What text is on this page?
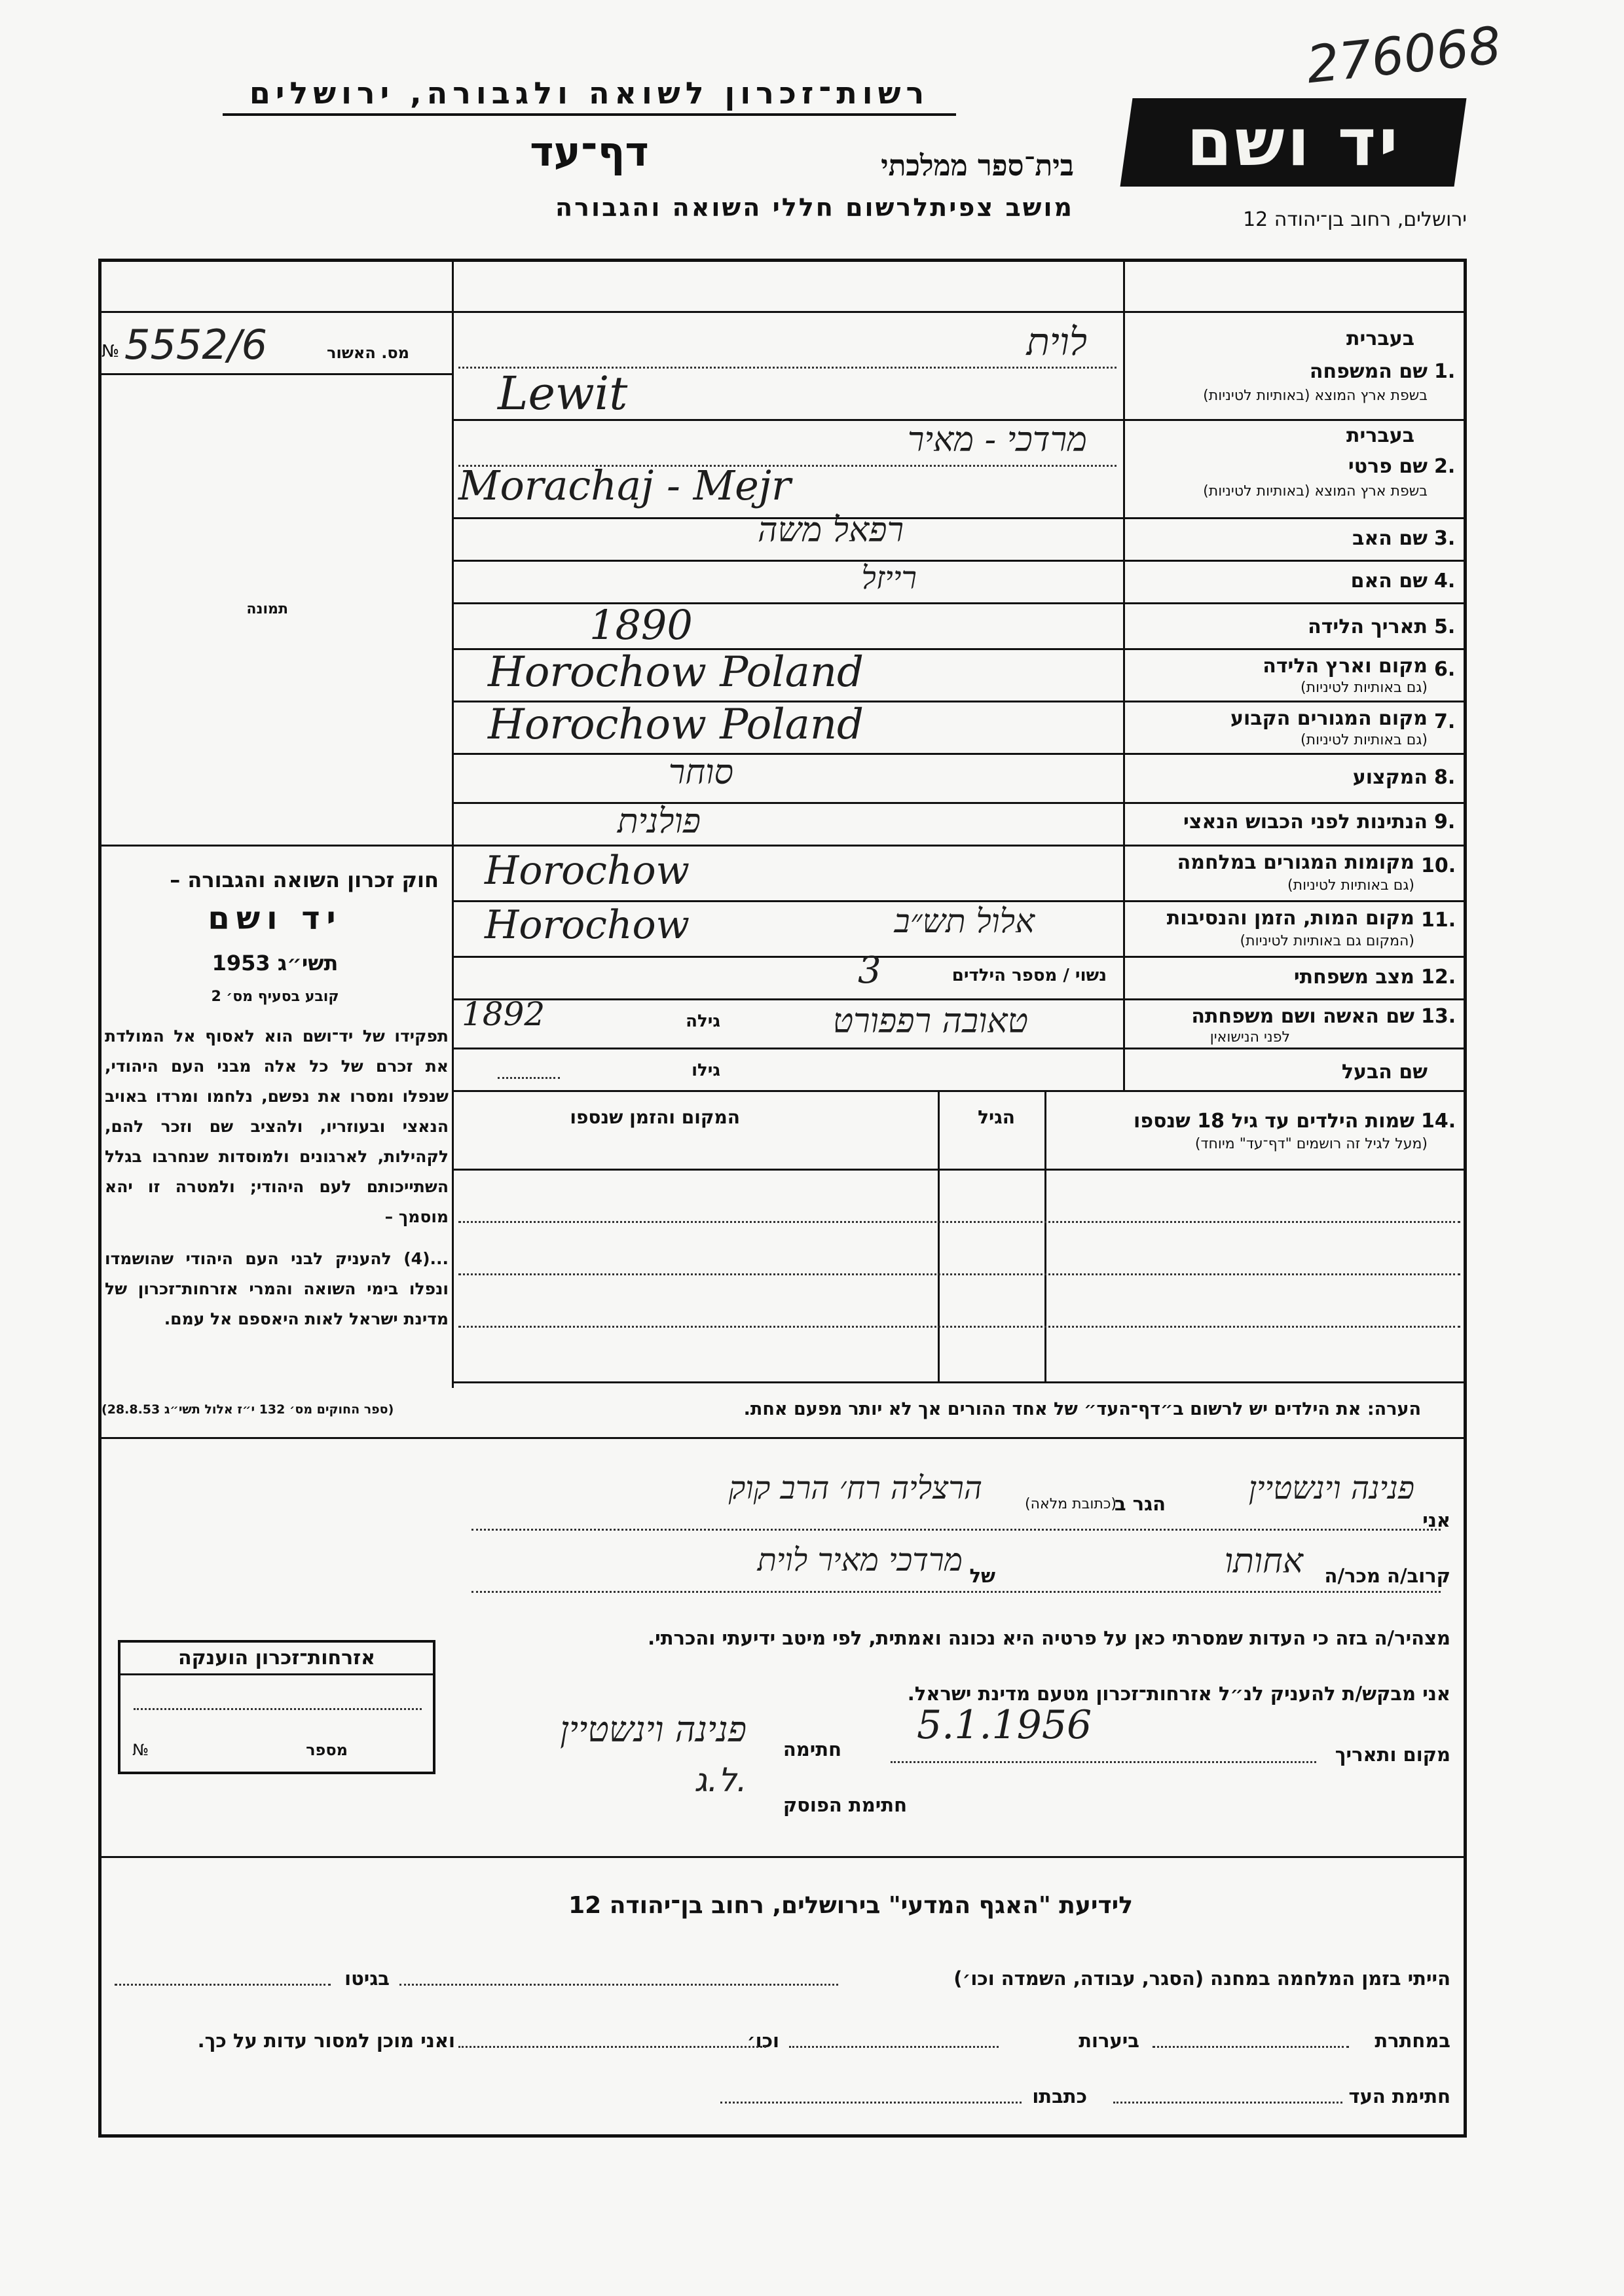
276068
יד ושם
ירושלים, רחוב בן־יהודה 12
רשות־זכרון לשואה ולגבורה, ירושלים
דף־עד	בית־ספר ממלכתי
מושב צפיתלרשום חללי השואה והגבורה
מס. האשור
№ 5552/6
תמונה
חוק זכרון השואה והגבורה –
יד ושם
תשי״ג 1953
קובע בסעיף מס׳ 2
תפקידו של יד־ושם הוא לאסוף אל המולדת את זכרם של כל אלה מבני העם היהודי, שנפלו ומסרו את נפשם, נלחמו ומרדו באויב הנאצי ובעוזריו, ולהציב שם וזכר להם, לקהילות, לארגונים ולמוסדות שנחרבו בגלל השתייכותם לעם היהודי; ולמטרה זו יהא מוסמך –
...(4) להעניק לבני העם היהודי שהושמדו ונפלו בימי השואה והמרי אזרחות־זכרון של מדינת ישראל לאות היאספם אל עמם.
(ספר החוקים מס׳ 132 י״ז אלול תשי״ג 28.8.53)
בעברית
1.
שם המשפחה
בשפת ארץ המוצא (באותיות לטיניות)
לוית
Lewit
בעברית
2.
שם פרטי
בשפת ארץ המוצא (באותיות לטיניות)
מרדכי - מאיר
Morachaj - Mejr
3.
שם האב
רפאל משה
4.
שם האם
רייזל
5.
תאריך הלידה
1890
6.
מקום וארץ הלידה
(גם באותיות לטיניות)
Horochow Poland
7.
מקום המגורים הקבוע
(גם באותיות לטיניות)
Horochow Poland
8.
המקצוע
סוחר
9.
הנתינות לפני הכבוש הנאצי
פולנית
10.
מקומות המגורים במלחמה
(גם באותיות לטיניות)
Horochow
11.
מקום המות, הזמן והנסיבות
(המקום גם באותיות לטיניות)
Horochow	אלול תש״ב
12.
מצב משפחתי
נשוי / מספר הילדים
3
13.
שם האשה ושם משפחתה
לפני הנישואין
1892	גילה	טאובה רפפורט
שם הבעל
גילו
14.
שמות הילדים עד גיל 18 שנספו
(מעל לגיל זה רושמים "דף־עד" מיוחד)
הגיל
המקום והזמן שנספו
הערה: את הילדים יש לרשום ב״דף־העד״ של אחד ההורים אך לא יותר מפעם אחת.
אני
פנינה וינשטיין
הגר ב
(כתובת מלאה)
הרצליה רח׳ הרב קוק
קרוב/ה מכר/ה
אחותו
של
מרדכי מאיר לוית
מצהיר/ה בזה כי העדות שמסרתי כאן על פרטיה היא נכונה ואמתית, לפי מיטב ידיעתי והכרתי.
אני מבקש/ת להעניק לנ״ל אזרחות־זכרון מטעם מדינת ישראל.
מקום ותאריך
5.1.1956
חתימה
פנינה וינשטיין
ל.ג.
חתימת הפוסק
אזרחות־זכרון הוענקה
№	מספר
לידיעת "האגף המדעי" בירושלים, רחוב בן־יהודה 12
הייתי בזמן המלחמה במחנה (הסגר, עבודה, השמדה וכו׳)
בגיטו
במחתרת
ביערות
וכו׳
ואני מוכן למסור עדות על כך.
חתימת העד
כתבתו
